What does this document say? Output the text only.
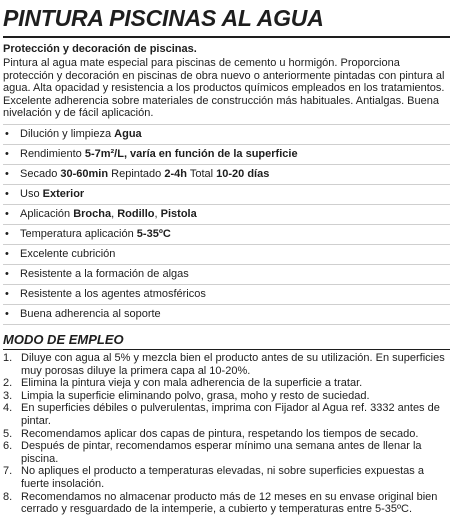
PINTURA PISCINAS AL AGUA
Protección y decoración de piscinas.
Pintura al agua mate especial para piscinas de cemento u hormigón. Proporciona protección y decoración en piscinas de obra nuevo o anteriormente pintadas con pintura al agua. Alta opacidad y resistencia a los productos químicos empleados en los tratamientos. Excelente adherencia sobre materiales de construcción más habituales. Antialgas. Buena nivelación y de fácil aplicación.
•	Dilución y limpieza Agua
•	Rendimiento 5-7m²/L, varía en función de la superficie
•	Secado 30-60min Repintado 2-4h Total 10-20 días
•	Uso Exterior
•	Aplicación Brocha, Rodillo, Pistola
•	Temperatura aplicación 5-35ºC
•	Excelente cubrición
•	Resistente a la formación de algas
•	Resistente a los agentes atmosféricos
•	Buena adherencia al soporte
MODO DE EMPLEO
1. Diluye con agua al 5% y mezcla bien el producto antes de su utilización. En superficies muy porosas diluye la primera capa al 10-20%.
2. Elimina la pintura vieja y con mala adherencia de la superficie a tratar.
3. Limpia la superficie eliminando polvo, grasa, moho y resto de suciedad.
4. En superficies débiles o pulverulentas, imprima con Fijador al Agua ref. 3332 antes de pintar.
5. Recomendamos aplicar dos capas de pintura, respetando los tiempos de secado.
6. Después de pintar, recomendamos esperar mínimo una semana antes de llenar la piscina.
7. No apliques el producto a temperaturas elevadas, ni sobre superficies expuestas a fuerte insolación.
8. Recomendamos no almacenar producto más de 12 meses en su envase original bien cerrado y resguardado de la intemperie, a cubierto y temperaturas entre 5-35ºC.
